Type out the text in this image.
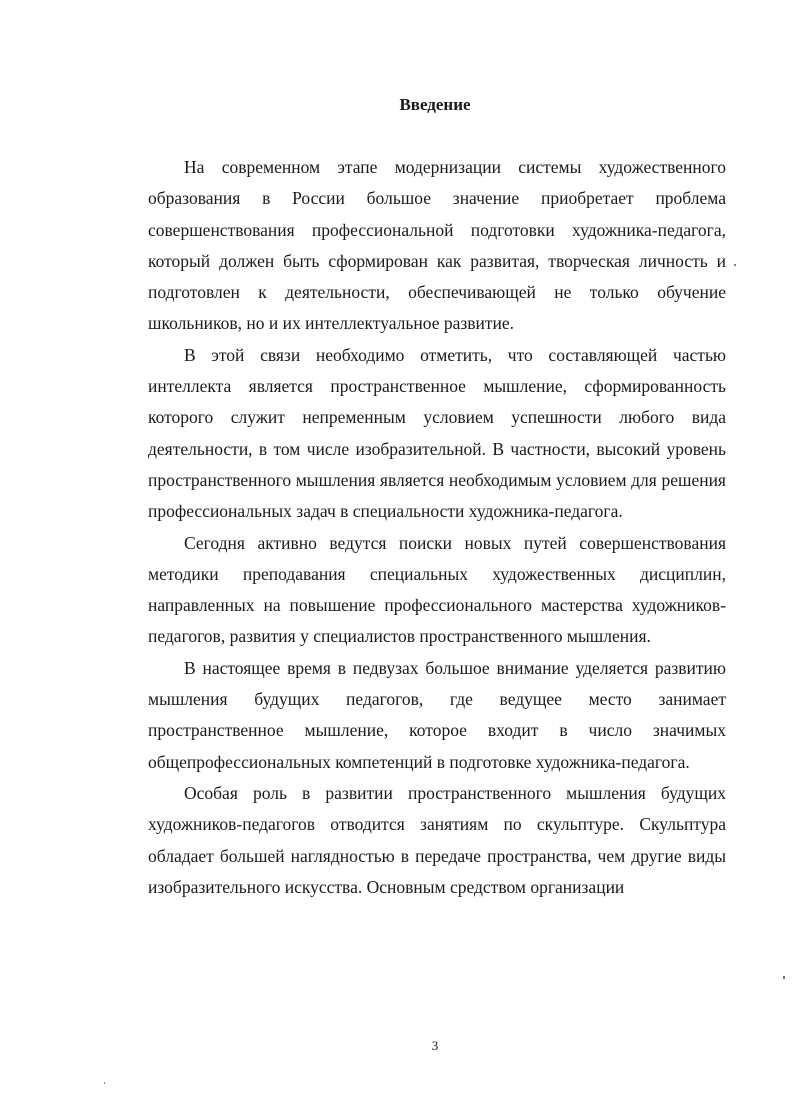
Введение

На современном этапе модернизации системы художественного образования в России большое значение приобретает проблема совершенствования профессиональной подготовки художника-педагога, который должен быть сформирован как развитая, творческая личность и подготовлен к деятельности, обеспечивающей не только обучение школьников, но и их интеллектуальное развитие.

В этой связи необходимо отметить, что составляющей частью интеллекта является пространственное мышление, сформированность которого служит непременным условием успешности любого вида деятельности, в том числе изобразительной. В частности, высокий уровень пространственного мышления является необходимым условием для решения профессиональных задач в специальности художника-педагога.

Сегодня активно ведутся поиски новых путей совершенствования методики преподавания специальных художественных дисциплин, направленных на повышение профессионального мастерства художников-педагогов, развития у специалистов пространственного мышления.

В настоящее время в педвузах большое внимание уделяется развитию мышления будущих педагогов, где ведущее место занимает пространственное мышление, которое входит в число значимых общепрофессиональных компетенций в подготовке художника-педагога.

Особая роль в развитии пространственного мышления будущих художников-педагогов отводится занятиям по скульптуре. Скульптура обладает большей наглядностью в передаче пространства, чем другие виды изобразительного искусства. Основным средством организации

3
